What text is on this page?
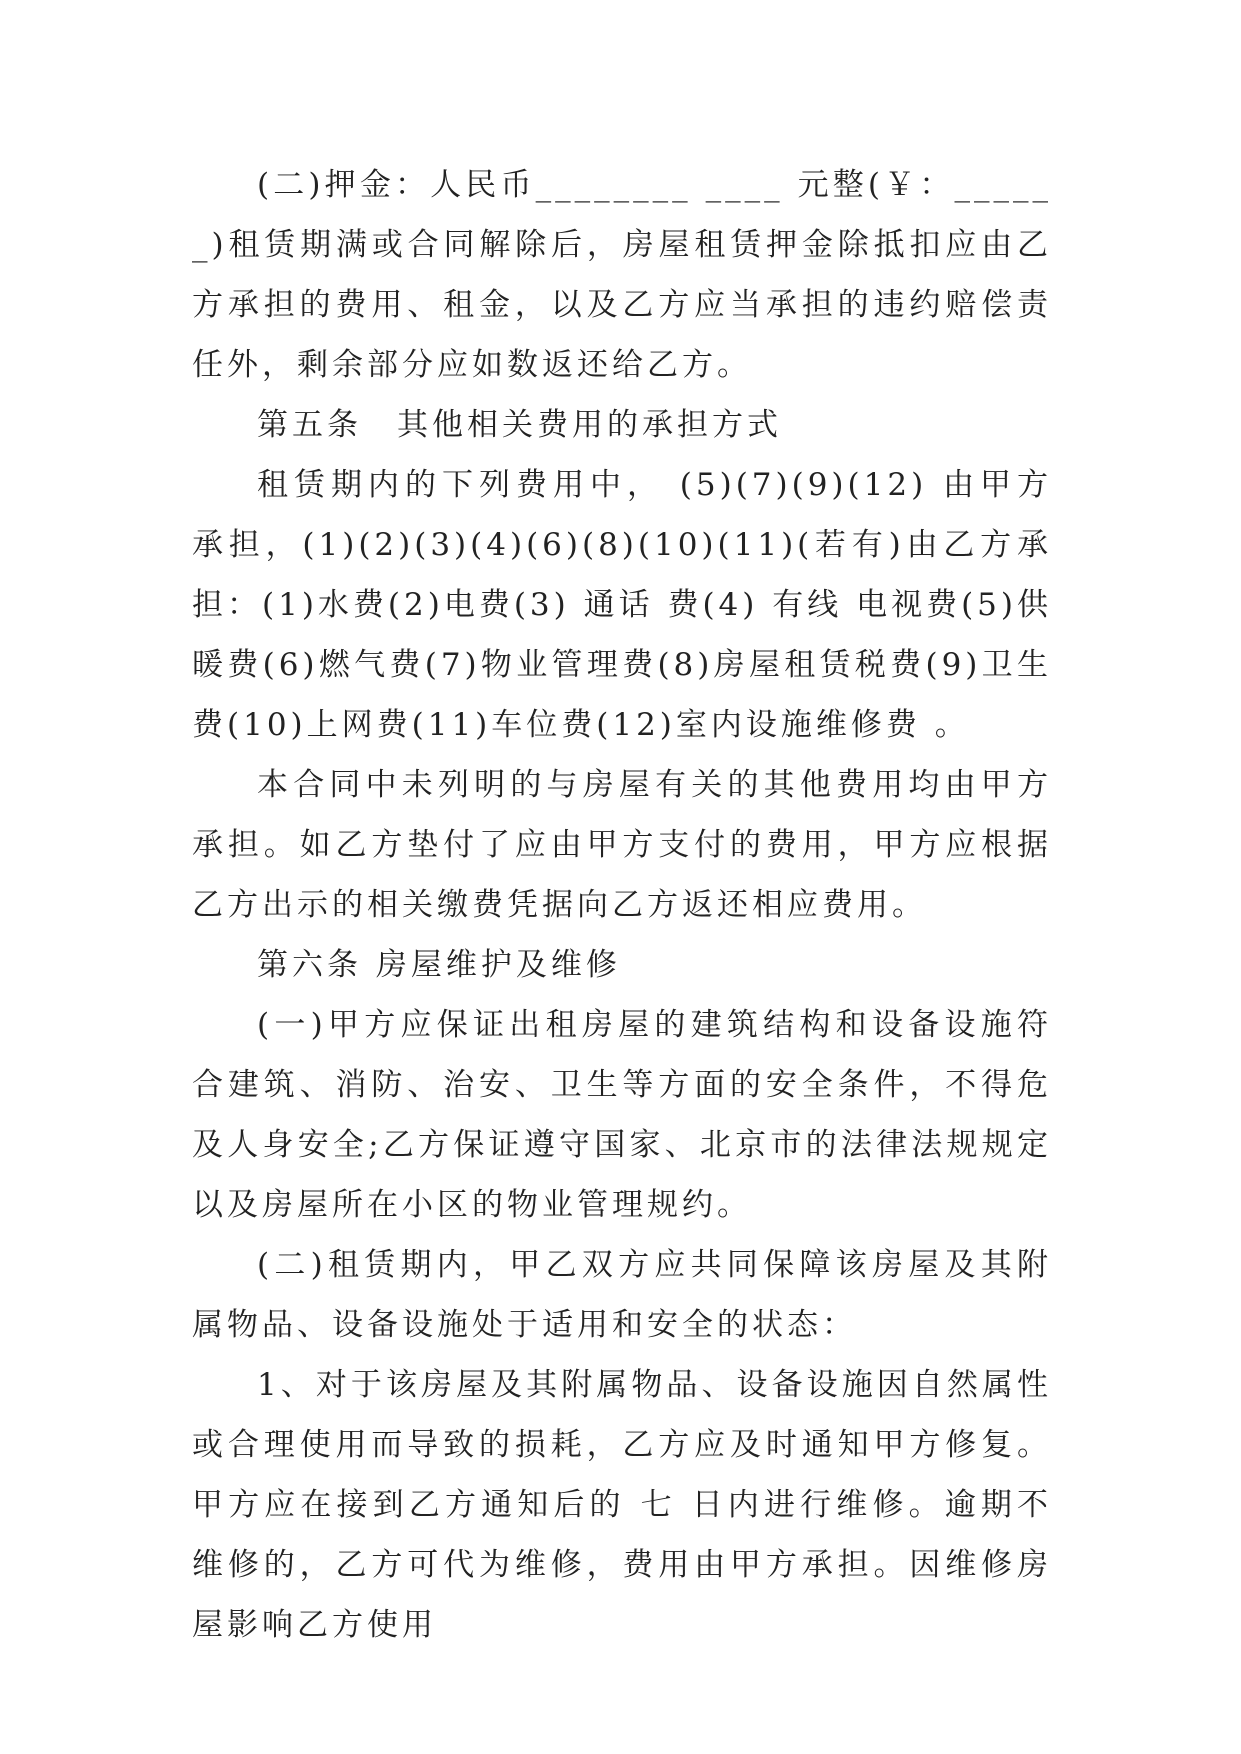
(二)押金：人民币________ ____ 元整(￥：______)租赁期满或合同解除后，房屋租赁押金除抵扣应由乙方承担的费用、租金，以及乙方应当承担的违约赔偿责任外，剩余部分应如数返还给乙方。

第五条　其他相关费用的承担方式

租赁期内的下列费用中， (5)(7)(9)(12) 由甲方承担，(1)(2)(3)(4)(6)(8)(10)(11)(若有)由乙方承担：(1)水费(2)电费(3) 通话 费(4) 有线 电视费(5)供暖费(6)燃气费(7)物业管理费(8)房屋租赁税费(9)卫生费(10)上网费(11)车位费(12)室内设施维修费 。

本合同中未列明的与房屋有关的其他费用均由甲方承担。如乙方垫付了应由甲方支付的费用，甲方应根据乙方出示的相关缴费凭据向乙方返还相应费用。

第六条 房屋维护及维修

(一)甲方应保证出租房屋的建筑结构和设备设施符合建筑、消防、治安、卫生等方面的安全条件，不得危及人身安全;乙方保证遵守国家、北京市的法律法规规定以及房屋所在小区的物业管理规约。

(二)租赁期内，甲乙双方应共同保障该房屋及其附属物品、设备设施处于适用和安全的状态：

1、对于该房屋及其附属物品、设备设施因自然属性或合理使用而导致的损耗，乙方应及时通知甲方修复。甲方应在接到乙方通知后的 七 日内进行维修。逾期不维修的，乙方可代为维修，费用由甲方承担。因维修房屋影响乙方使用
